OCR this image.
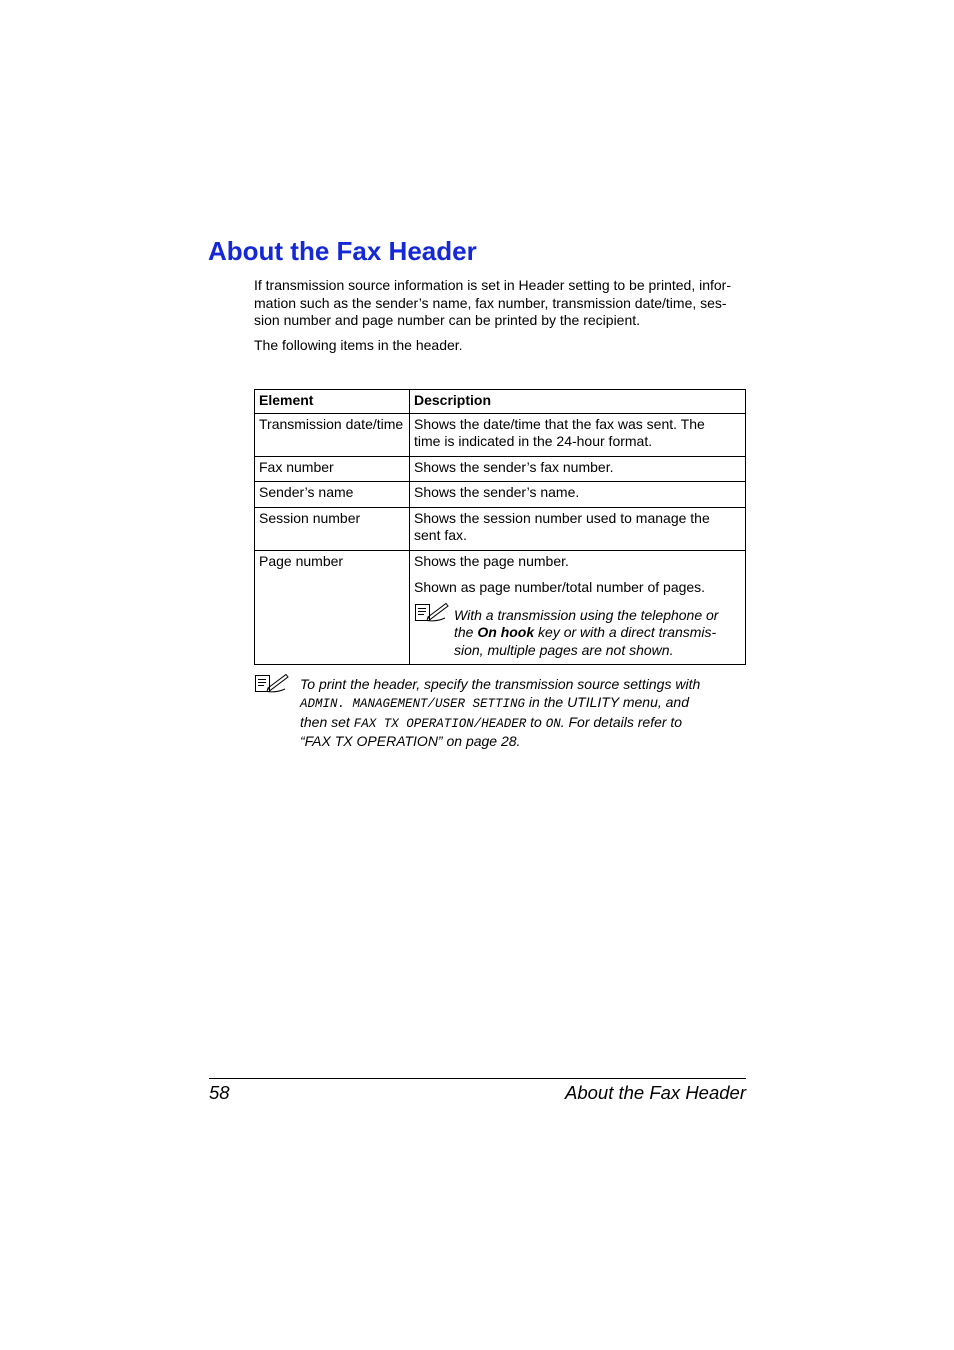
About the Fax Header

If transmission source information is set in Header setting to be printed, infor-
mation such as the sender’s name, fax number, transmission date/time, ses-
sion number and page number can be printed by the recipient.

The following items in the header.

Element	Description
Transmission date/time	Shows the date/time that the fax was sent. The
time is indicated in the 24-hour format.
Fax number	Shows the sender’s fax number.
Sender’s name	Shows the sender’s name.
Session number	Shows the session number used to manage the
sent fax.
Page number	Shows the page number.

Shown as page number/total number of pages.

With a transmission using the telephone or
the On hook key or with a direct transmis-
sion, multiple pages are not shown.
To print the header, specify the transmission source settings with
ADMIN. MANAGEMENT/USER SETTING in the UTILITY menu, and
then set FAX TX OPERATION/HEADER to ON. For details refer to
“FAX TX OPERATION” on page 28.
58	About the Fax Header
